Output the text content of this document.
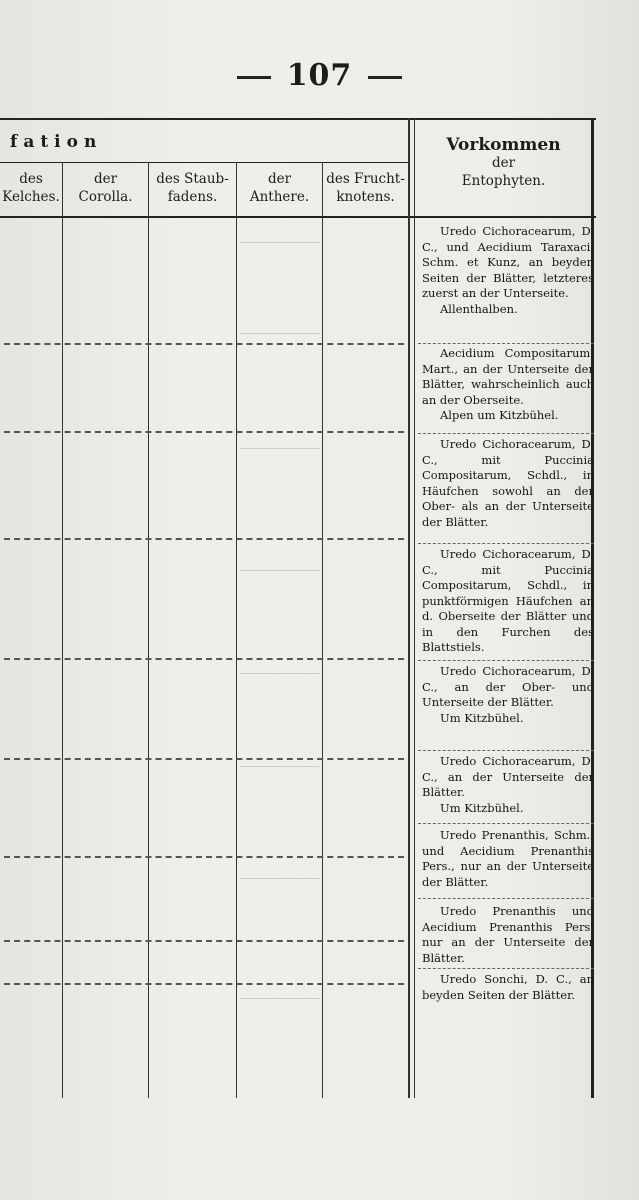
107
fation
des
Kelches.
der
Corolla.
des Staub-
fadens.
der
Anthere.
des Frucht-
knotens.
Vorkommen
der
Entophyten.
Uredo Cichoracearum, D. C., und Aecidium Taraxaci, Schm. et Kunz, an beyden Seiten der Blätter, letzteres zuerst an der Unterseite.
Allenthalben.
Aecidium Compositarum, Mart., an der Unterseite der Blätter, wahrscheinlich auch an der Oberseite.
Alpen um Kitzbühel.
Uredo Cichoracearum, D. C., mit Puccinia Compositarum, Schdl., in Häufchen sowohl an der Ober- als an der Unterseite der Blätter.
Uredo Cichoracearum, D. C., mit Puccinia Compositarum, Schdl., in punktförmigen Häufchen an d. Oberseite der Blätter und in den Furchen des Blattstiels.
Uredo Cichoracearum, D. C., an der Ober- und Unterseite der Blätter.
Um Kitzbühel.
Uredo Cichoracearum, D. C., an der Unterseite der Blätter.
Um Kitzbühel.
Uredo Prenanthis, Schm., und Aecidium Prenanthis Pers., nur an der Unterseite der Blätter.
Uredo Prenanthis und Aecidium Prenanthis Pers. nur an der Unterseite der Blätter.
Uredo Sonchi, D. C., an beyden Seiten der Blätter.
